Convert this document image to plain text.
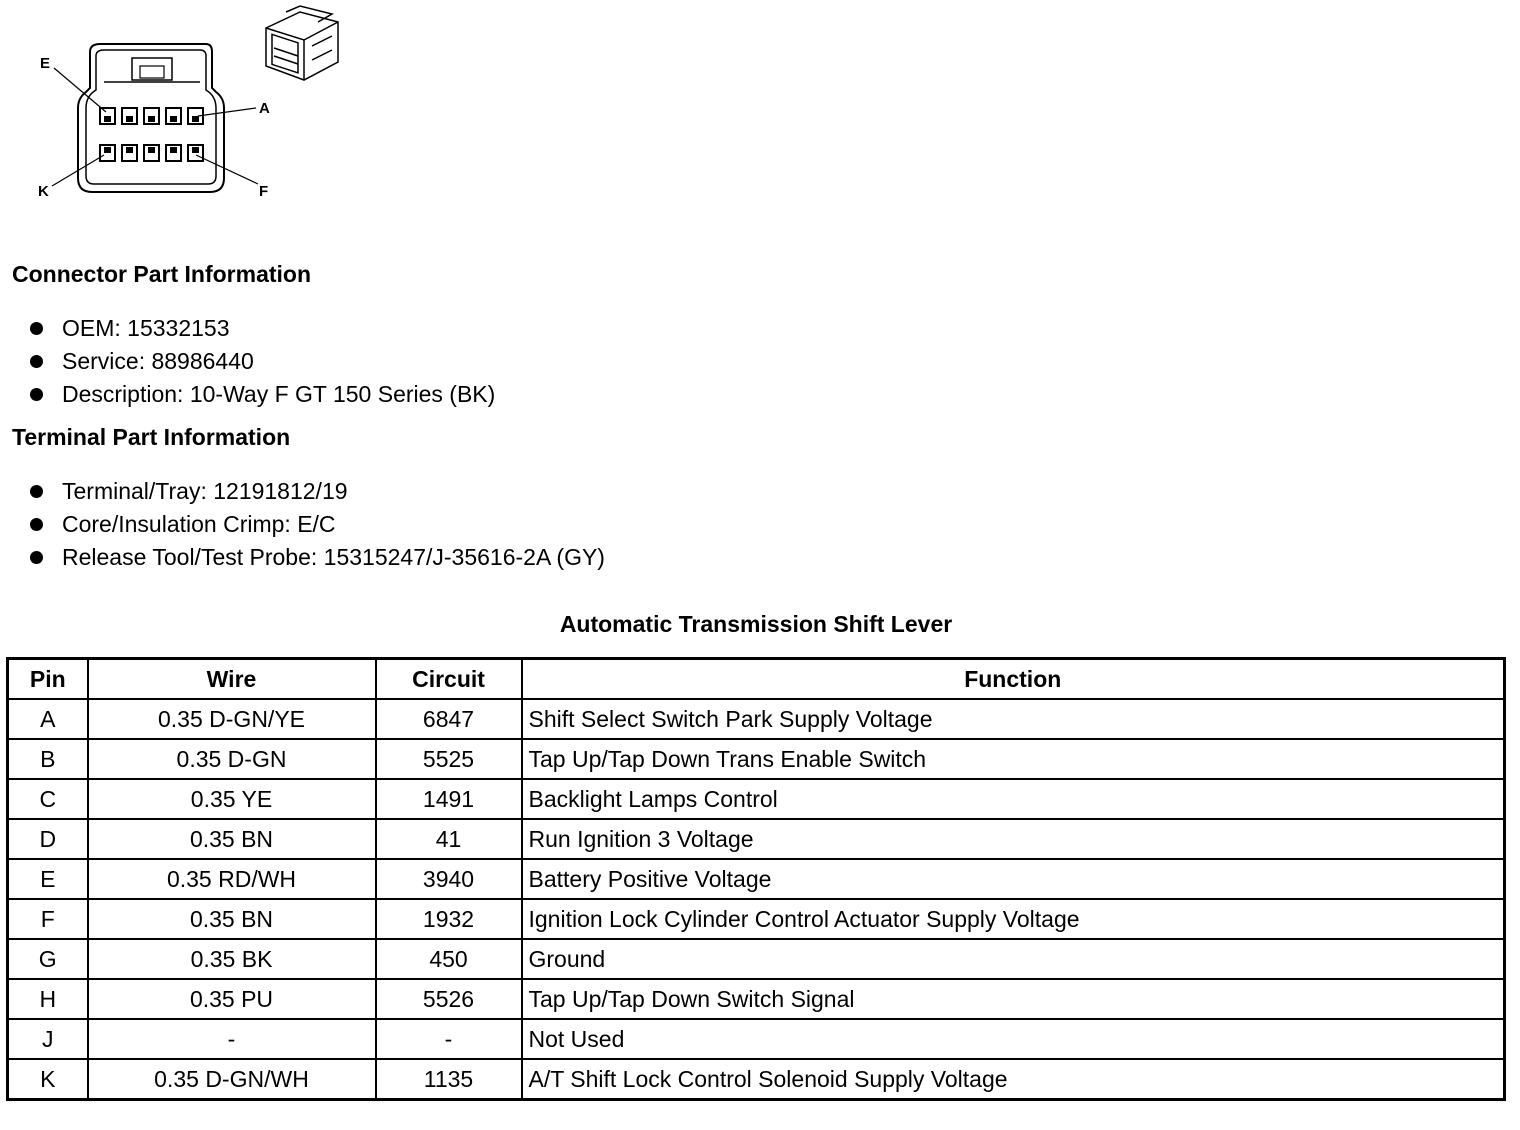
E
A
K	F
Connector Part Information
OEM: 15332153
Service: 88986440
Description: 10-Way F GT 150 Series (BK)
Terminal Part Information
Terminal/Tray: 12191812/19
Core/Insulation Crimp: E/C
Release Tool/Test Probe: 15315247/J-35616-2A (GY)
Automatic Transmission Shift Lever
Pin	Wire	Circuit	Function
A	0.35 D-GN/YE	6847	Shift Select Switch Park Supply Voltage
B	0.35 D-GN	5525	Tap Up/Tap Down Trans Enable Switch
C	0.35 YE	1491	Backlight Lamps Control
D	0.35 BN	41	Run Ignition 3 Voltage
E	0.35 RD/WH	3940	Battery Positive Voltage
F	0.35 BN	1932	Ignition Lock Cylinder Control Actuator Supply Voltage
G	0.35 BK	450	Ground
H	0.35 PU	5526	Tap Up/Tap Down Switch Signal
J	-	-	Not Used
K	0.35 D-GN/WH	1135	A/T Shift Lock Control Solenoid Supply Voltage
